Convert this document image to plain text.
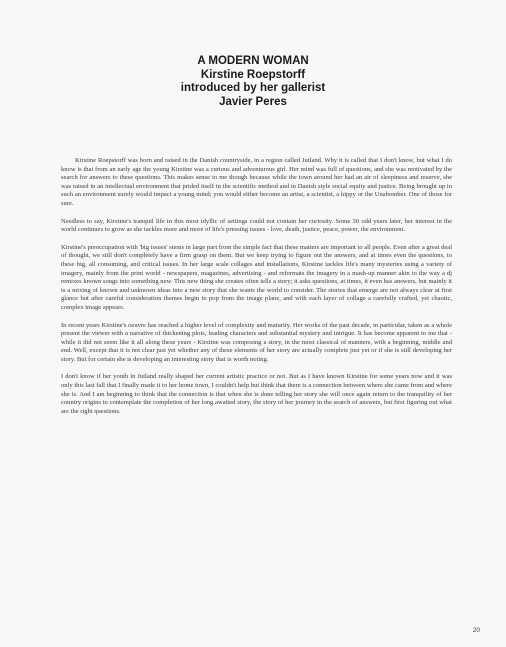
A MODERN WOMAN
Kirstine Roepstorff
introduced by her gallerist
Javier Peres

Kirstine Roepstorff was born and raised in the Danish countryside, in a region called Jutland. Why it is called that I don't know, but what I do know is that from an early age the young Kirstine was a curious and adventurous girl. Her mind was full of questions, and she was motivated by the search for answers to these questions. This makes sense to me though because while the town around her had an air of sleepiness and reserve, she was raised in an intellectual environment that prided itself in the scientific method and in Danish style social equity and justice. Being brought up in such an environment surely would impact a young mind; you would either become an artist, a scientist, a hippy or the Unabomber. One of those for sure.

Needless to say, Kirstine's tranquil life in this most idyllic of settings could not contain her curiosity. Some 30 odd years later, her interest in the world continues to grow as she tackles more and more of life's pressing issues - love, death, justice, peace, power, the environment.

Kirstine's preoccupation with 'big issues' stems in large part from the simple fact that these matters are important to all people. Even after a great deal of thought, we still don't completely have a firm grasp on them. But we keep trying to figure out the answers, and at times even the questions, to these big, all consuming, and critical issues. In her large scale collages and installations, Kirstine tackles life's many mysteries using a variety of imagery, mainly from the print world - newspapers, magazines, advertising - and reformats the imagery in a mash-up manner akin to the way a dj remixes known songs into something new. This new thing she creates often tells a story; it asks questions, at times, it even has answers, but mainly it is a mixing of known and unknown ideas into a new story that she wants the world to consider. The stories that emerge are not always clear at first glance but after careful consideration themes begin to pop from the image plane, and with each layer of collage a carefully crafted, yet chaotic, complex image appears.

In recent years Kirstine's oeuvre has reached a higher level of complexity and maturity. Her works of the past decade, in particular, taken as a whole present the viewer with a narrative of thickening plots, leading characters and substantial mystery and intrigue. It has become apparent to me that - while it did not seem like it all along these years - Kirstine was composing a story, in the most classical of manners, with a beginning, middle and end. Well, except that it is not clear just yet whether any of these elements of her story are actually complete just yet or if she is still developing her story. But for certain she is developing an interesting story that is worth noting.

I don't know if her youth in Jutland really shaped her current artistic practice or not. But as I have known Kirstine for some years now and it was only this last fall that I finally made it to her home town, I couldn't help but think that there is a connection between where she came from and where she is. And I am beginning to think that the connection is that when she is done telling her story she will once again return to the tranquility of her country origins to contemplate the completion of her long awaited story, the story of her journey in the search of answers, but first figuring out what are the right questions.

20
